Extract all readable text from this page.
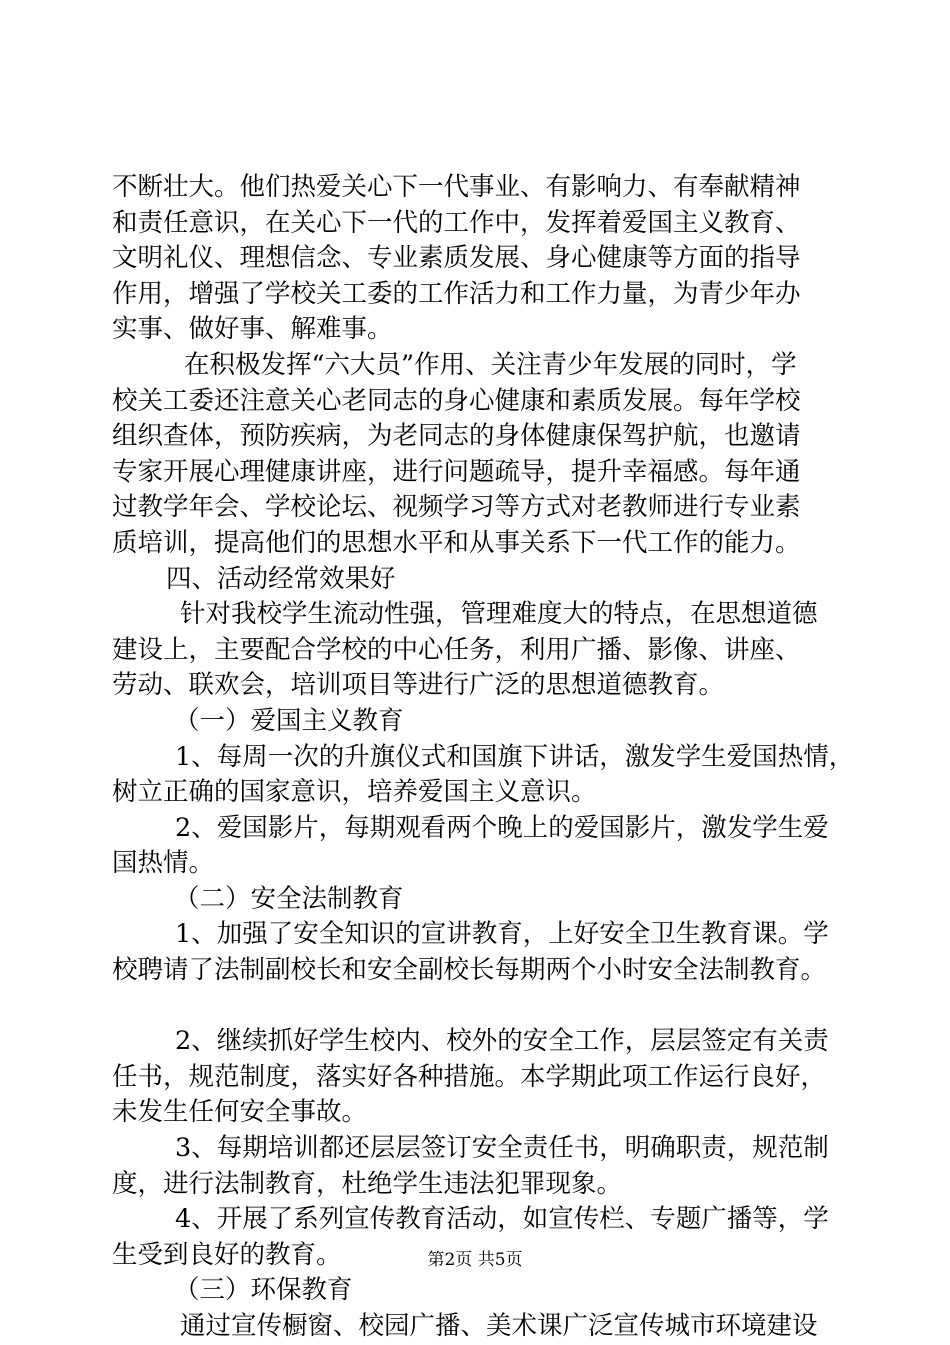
不断壮大。他们热爱关心下一代事业、有影响力、有奉献精神
和责任意识，在关心下一代的工作中，发挥着爱国主义教育、
文明礼仪、理想信念、专业素质发展、身心健康等方面的指导
作用，增强了学校关工委的工作活力和工作力量，为青少年办
实事、做好事、解难事。
在积极发挥“六大员”作用、关注青少年发展的同时，学
校关工委还注意关心老同志的身心健康和素质发展。每年学校
组织查体，预防疾病，为老同志的身体健康保驾护航，也邀请
专家开展心理健康讲座，进行问题疏导，提升幸福感。每年通
过教学年会、学校论坛、视频学习等方式对老教师进行专业素
质培训，提高他们的思想水平和从事关系下一代工作的能力。
四、活动经常效果好
针对我校学生流动性强，管理难度大的特点，在思想道德
建设上，主要配合学校的中心任务，利用广播、影像、讲座、
劳动、联欢会，培训项目等进行广泛的思想道德教育。
（一）爱国主义教育
1、每周一次的升旗仪式和国旗下讲话，激发学生爱国热情，
树立正确的国家意识，培养爱国主义意识。
2、爱国影片，每期观看两个晚上的爱国影片，激发学生爱
国热情。
（二）安全法制教育
1、加强了安全知识的宣讲教育，上好安全卫生教育课。学
校聘请了法制副校长和安全副校长每期两个小时安全法制教育。
2、继续抓好学生校内、校外的安全工作，层层签定有关责
任书，规范制度，落实好各种措施。本学期此项工作运行良好，
未发生任何安全事故。
3、每期培训都还层层签订安全责任书，明确职责，规范制
度，进行法制教育，杜绝学生违法犯罪现象。
4、开展了系列宣传教育活动，如宣传栏、专题广播等，学
生受到良好的教育。
（三）环保教育
通过宣传橱窗、校园广播、美术课广泛宣传城市环境建设
第2页 共5页
